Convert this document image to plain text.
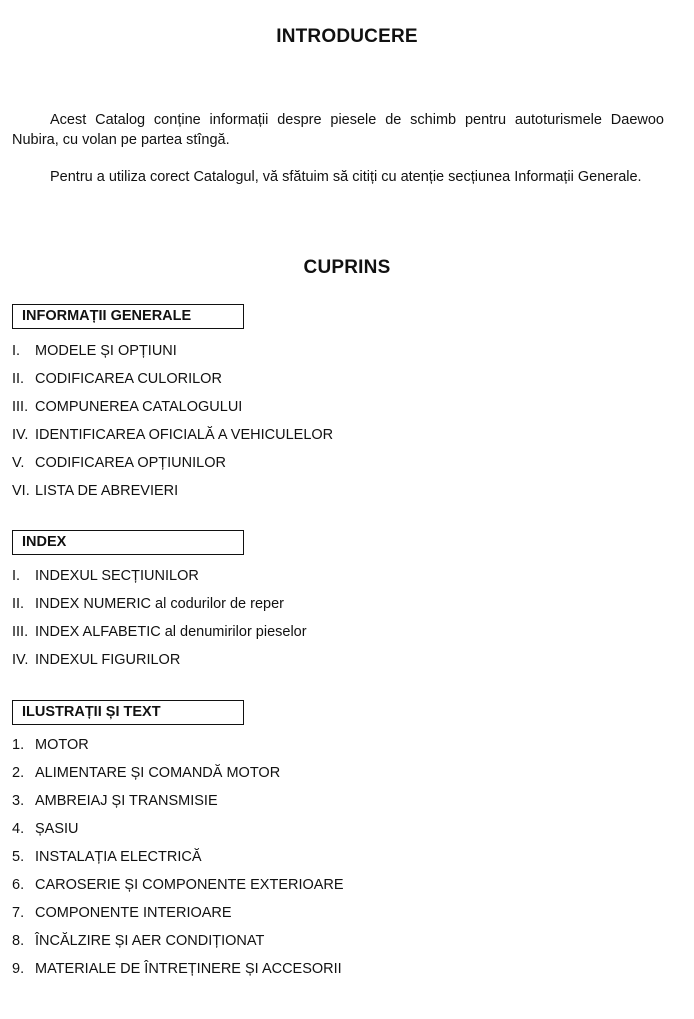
INTRODUCERE

Acest Catalog conține informații despre piesele de schimb pentru autoturismele Daewoo Nubira, cu volan pe partea stîngă.

Pentru a utiliza corect Catalogul, vă sfătuim să citiți cu atenție secțiunea Informații Generale.

CUPRINS
INFORMAȚII GENERALE
I. MODELE ȘI OPȚIUNI
II. CODIFICAREA CULORILOR
III. COMPUNEREA CATALOGULUI
IV. IDENTIFICAREA OFICIALĂ A VEHICULELOR
V. CODIFICAREA OPȚIUNILOR
VI. LISTA DE ABREVIERI
INDEX
I. INDEXUL SECȚIUNILOR
II. INDEX NUMERIC al codurilor de reper
III. INDEX ALFABETIC al denumirilor pieselor
IV. INDEXUL FIGURILOR
ILUSTRAȚII ȘI TEXT
1. MOTOR
2. ALIMENTARE ȘI COMANDĂ MOTOR
3. AMBREIAJ ȘI TRANSMISIE
4. ȘASIU
5. INSTALAȚIA ELECTRICĂ
6. CAROSERIE ȘI COMPONENTE EXTERIOARE
7. COMPONENTE INTERIOARE
8. ÎNCĂLZIRE ȘI AER CONDIȚIONAT
9. MATERIALE DE ÎNTREȚINERE ȘI ACCESORII
